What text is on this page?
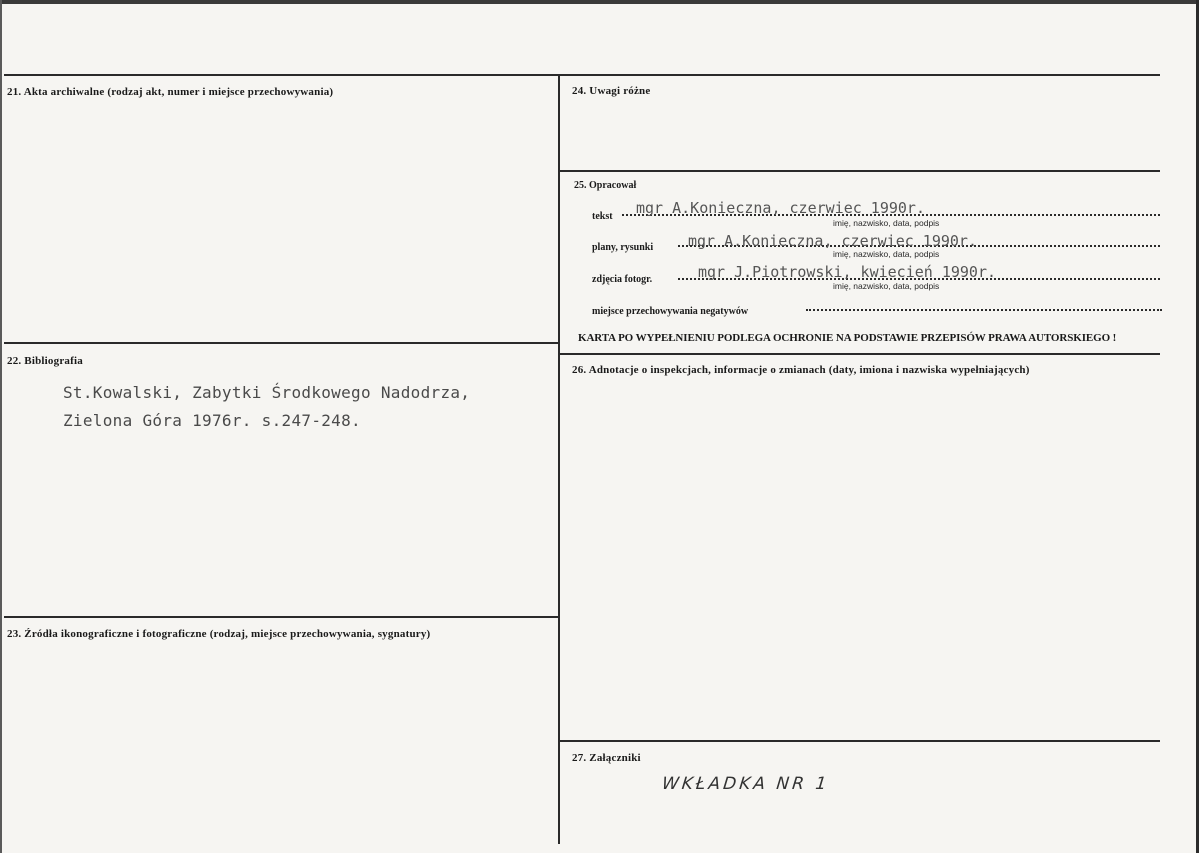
21. Akta archiwalne (rodzaj akt, numer i miejsce przechowywania)
22. Bibliografia
St.Kowalski, Zabytki Środkowego Nadodrza,
Zielona Góra 1976r. s.247-248.
23. Źródła ikonograficzne i fotograficzne (rodzaj, miejsce przechowywania, sygnatury)
24. Uwagi różne
25. Opracował
tekst mgr A.Konieczna, czerwiec 1990r.
imię, nazwisko, data, podpis
plany, rysunki mgr A.Konieczna, czerwiec 1990r.
imię, nazwisko, data, podpis
zdjęcia fotogr.	mgr J.Piotrowski, kwiecień 1990r.
imię, nazwisko, data, podpis
miejsce przechowywania negatywów
KARTA PO WYPEŁNIENIU PODLEGA OCHRONIE NA PODSTAWIE PRZEPISÓW PRAWA AUTORSKIEGO !
26. Adnotacje o inspekcjach, informacje o zmianach (daty, imiona i nazwiska wypełniających)
27. Załączniki
WKŁADKA NR 1
